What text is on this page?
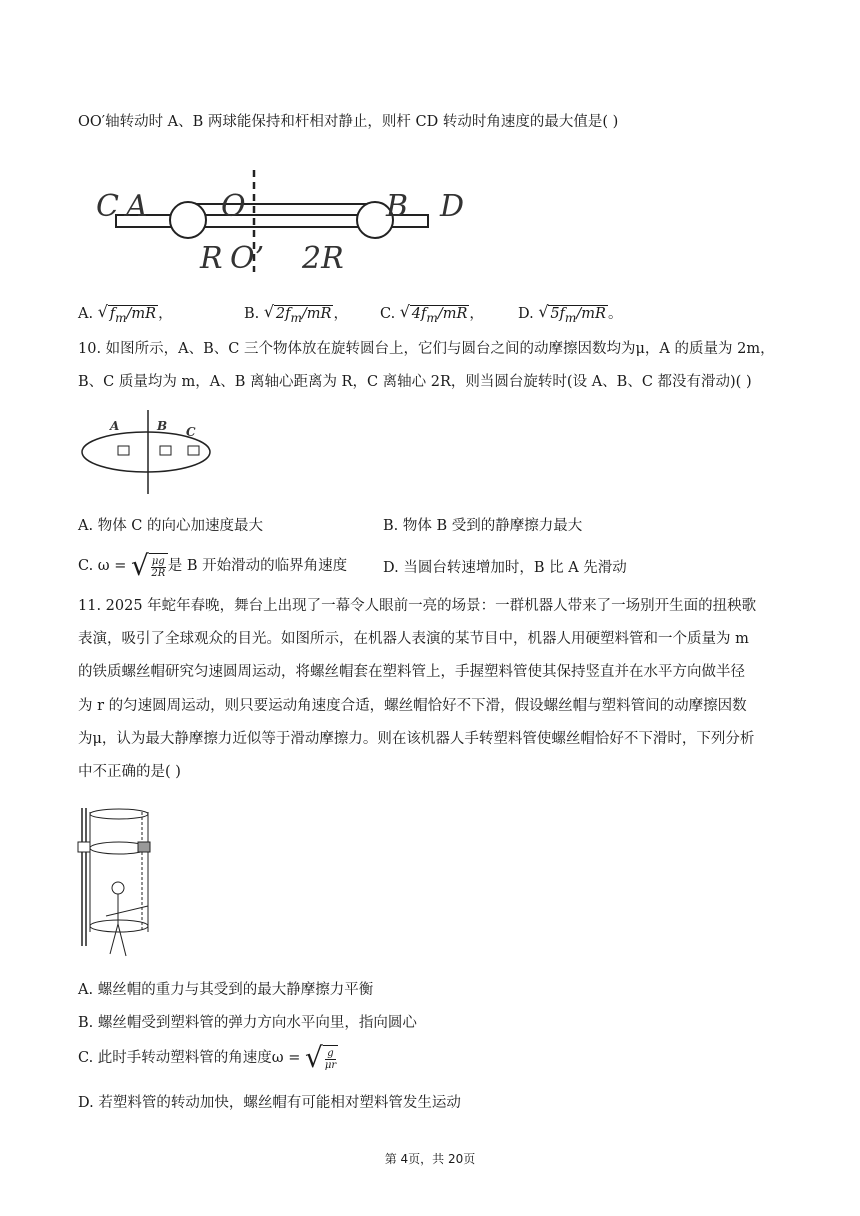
OO′轴转动时 A、B 两球能保持和杆相对静止，则杆 CD 转动时角速度的最大值是( )
C A O	B D
R O’ 2R
A. √ $f_m/mR$ ，	B. √ $2f_m/mR$ ， C. √ $4f_m/mR$ ， D. √ $5f_m/mR$ 。
10. 如图所示，A、B、C 三个物体放在旋转圆台上，它们与圆台之间的动摩擦因数均为μ，A 的质量为 2m，
B、C 质量均为 m，A、B 离轴心距离为 R，C 离轴心 2R，则当圆台旋转时(设 A、B、C 都没有滑动)( )
A	B C
A. 物体 C 的向心加速度最大	B. 物体 B 受到的静摩擦力最大
C. ω = √ $\frac{\mu g}{2R}$ 是 B 开始滑动的临界角速度 D. 当圆台转速增加时，B 比 A 先滑动
11. 2025 年蛇年春晚，舞台上出现了一幕令人眼前一亮的场景：一群机器人带来了一场别开生面的扭秧歌
表演，吸引了全球观众的目光。如图所示，在机器人表演的某节目中，机器人用硬塑料管和一个质量为 m
的铁质螺丝帽研究匀速圆周运动，将螺丝帽套在塑料管上，手握塑料管使其保持竖直并在水平方向做半径
为 r 的匀速圆周运动，则只要运动角速度合适，螺丝帽恰好不下滑，假设螺丝帽与塑料管间的动摩擦因数
为μ，认为最大静摩擦力近似等于滑动摩擦力。则在该机器人手转塑料管使螺丝帽恰好不下滑时，下列分析
中不正确的是( )
A. 螺丝帽的重力与其受到的最大静摩擦力平衡
B. 螺丝帽受到塑料管的弹力方向水平向里，指向圆心
C. 此时手转动塑料管的角速度ω = √ $\frac{g}{\mu r}$
D. 若塑料管的转动加快，螺丝帽有可能相对塑料管发生运动
第 4页，共 20页
